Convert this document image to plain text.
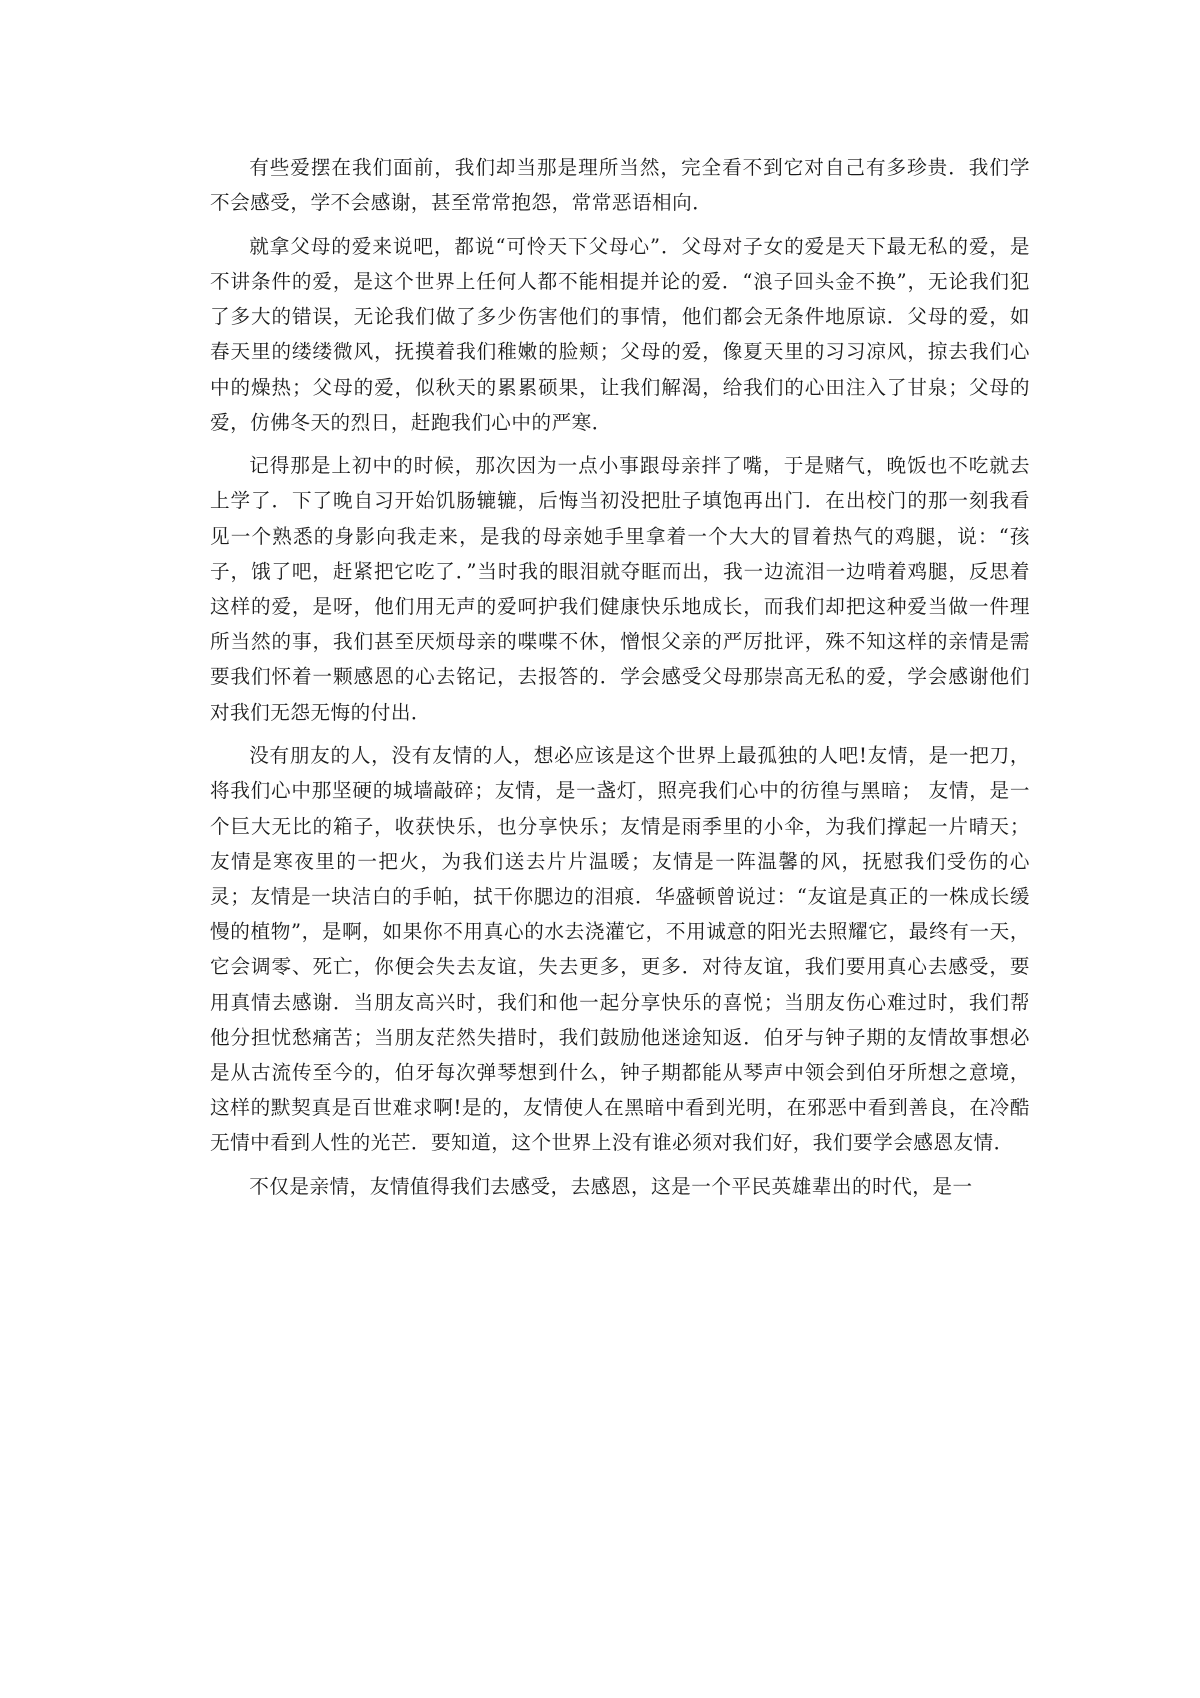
有些爱摆在我们面前，我们却当那是理所当然，完全看不到它对自己有多珍贵．我们学不会感受，学不会感谢，甚至常常抱怨，常常恶语相向．

就拿父母的爱来说吧，都说“可怜天下父母心”．父母对子女的爱是天下最无私的爱，是不讲条件的爱，是这个世界上任何人都不能相提并论的爱．“浪子回头金不换”，无论我们犯了多大的错误，无论我们做了多少伤害他们的事情，他们都会无条件地原谅．父母的爱，如春天里的缕缕微风，抚摸着我们稚嫩的脸颊；父母的爱，像夏天里的习习凉风，掠去我们心中的燥热；父母的爱，似秋天的累累硕果，让我们解渴，给我们的心田注入了甘泉；父母的爱，仿佛冬天的烈日，赶跑我们心中的严寒．

记得那是上初中的时候，那次因为一点小事跟母亲拌了嘴，于是赌气，晚饭也不吃就去上学了．下了晚自习开始饥肠辘辘，后悔当初没把肚子填饱再出门．在出校门的那一刻我看见一个熟悉的身影向我走来，是我的母亲她手里拿着一个大大的冒着热气的鸡腿，说：“孩子，饿了吧，赶紧把它吃了．”当时我的眼泪就夺眶而出，我一边流泪一边啃着鸡腿，反思着这样的爱，是呀，他们用无声的爱呵护我们健康快乐地成长，而我们却把这种爱当做一件理所当然的事，我们甚至厌烦母亲的喋喋不休，憎恨父亲的严厉批评，殊不知这样的亲情是需要我们怀着一颗感恩的心去铭记，去报答的．学会感受父母那崇高无私的爱，学会感谢他们对我们无怨无悔的付出．

没有朋友的人，没有友情的人，想必应该是这个世界上最孤独的人吧!友情，是一把刀，将我们心中那坚硬的城墙敲碎；友情，是一盏灯，照亮我们心中的彷徨与黑暗； 友情，是一个巨大无比的箱子，收获快乐，也分享快乐；友情是雨季里的小伞，为我们撑起一片晴天；友情是寒夜里的一把火，为我们送去片片温暖；友情是一阵温馨的风，抚慰我们受伤的心灵；友情是一块洁白的手帕，拭干你腮边的泪痕．华盛顿曾说过：“友谊是真正的一株成长缓慢的植物”，是啊，如果你不用真心的水去浇灌它，不用诚意的阳光去照耀它，最终有一天，它会调零、死亡，你便会失去友谊，失去更多，更多．对待友谊，我们要用真心去感受，要用真情去感谢．当朋友高兴时，我们和他一起分享快乐的喜悦；当朋友伤心难过时，我们帮他分担忧愁痛苦；当朋友茫然失措时，我们鼓励他迷途知返．伯牙与钟子期的友情故事想必是从古流传至今的，伯牙每次弹琴想到什么，钟子期都能从琴声中领会到伯牙所想之意境，这样的默契真是百世难求啊!是的，友情使人在黑暗中看到光明，在邪恶中看到善良，在冷酷无情中看到人性的光芒．要知道，这个世界上没有谁必须对我们好，我们要学会感恩友情．

不仅是亲情，友情值得我们去感受，去感恩，这是一个平民英雄辈出的时代，是一
